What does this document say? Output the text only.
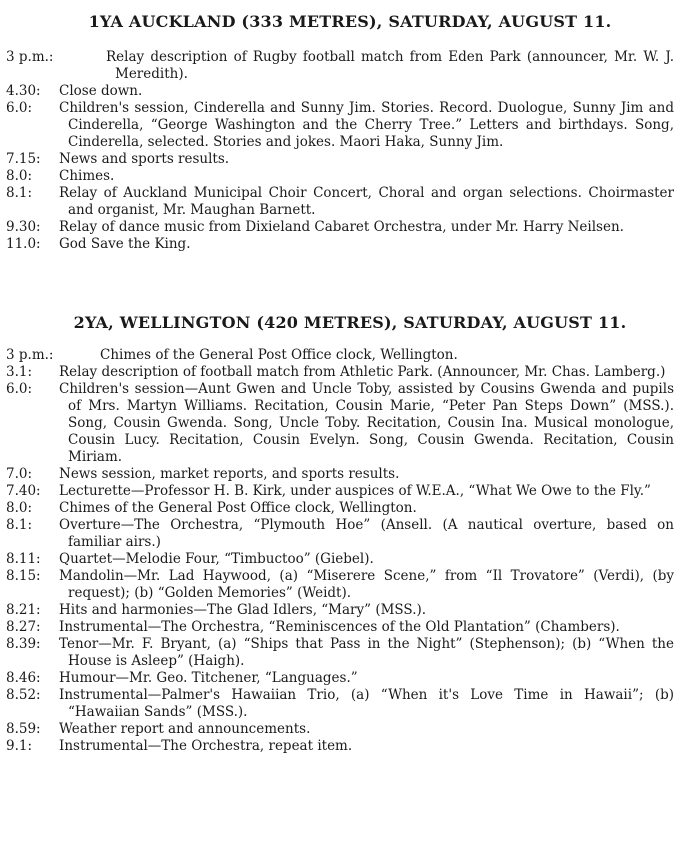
1YA AUCKLAND (333 METRES), SATURDAY, AUGUST 11.
3 p.m.:	Relay description of Rugby football match from Eden Park (announcer, Mr. W. J. Meredith).
4.30: Close down.
6.0: Children's session, Cinderella and Sunny Jim. Stories. Record. Duologue, Sunny Jim and Cinderella, “George Washington and the Cherry Tree.” Letters and birthdays. Song, Cinderella, selected. Stories and jokes. Maori Haka, Sunny Jim.
7.15: News and sports results.
8.0: Chimes.
8.1: Relay of Auckland Municipal Choir Concert, Choral and organ selections. Choirmaster and organist, Mr. Maughan Barnett.
9.30: Relay of dance music from Dixieland Cabaret Orchestra, under Mr. Harry Neilsen.
11.0: God Save the King.
2YA, WELLINGTON (420 METRES), SATURDAY, AUGUST 11.
3 p.m.:	Chimes of the General Post Office clock, Wellington.
3.1: Relay description of football match from Athletic Park. (Announcer, Mr. Chas. Lamberg.)
6.0: Children's session—Aunt Gwen and Uncle Toby, assisted by Cousins Gwenda and pupils of Mrs. Martyn Williams. Recitation, Cousin Marie, “Peter Pan Steps Down” (MSS.). Song, Cousin Gwenda. Song, Uncle Toby. Recitation, Cousin Ina. Musical monologue, Cousin Lucy. Recitation, Cousin Evelyn. Song, Cousin Gwenda. Recitation, Cousin Miriam.
7.0: News session, market reports, and sports results.
7.40: Lecturette—Professor H. B. Kirk, under auspices of W.E.A., “What We Owe to the Fly.”
8.0: Chimes of the General Post Office clock, Wellington.
8.1: Overture—The Orchestra, “Plymouth Hoe” (Ansell. (A nautical overture, based on familiar airs.)
8.11: Quartet—Melodie Four, “Timbuctoo” (Giebel).
8.15: Mandolin—Mr. Lad Haywood, (a) “Miserere Scene,” from “Il Trovatore” (Verdi), (by request); (b) “Golden Memories” (Weidt).
8.21: Hits and harmonies—The Glad Idlers, “Mary” (MSS.).
8.27: Instrumental—The Orchestra, “Reminiscences of the Old Plantation” (Chambers).
8.39: Tenor—Mr. F. Bryant, (a) “Ships that Pass in the Night” (Stephenson); (b) “When the House is Asleep” (Haigh).
8.46: Humour—Mr. Geo. Titchener, “Languages.”
8.52: Instrumental—Palmer's Hawaiian Trio, (a) “When it's Love Time in Hawaii”; (b) “Hawaiian Sands” (MSS.).
8.59: Weather report and announcements.
9.1: Instrumental—The Orchestra, repeat item.
